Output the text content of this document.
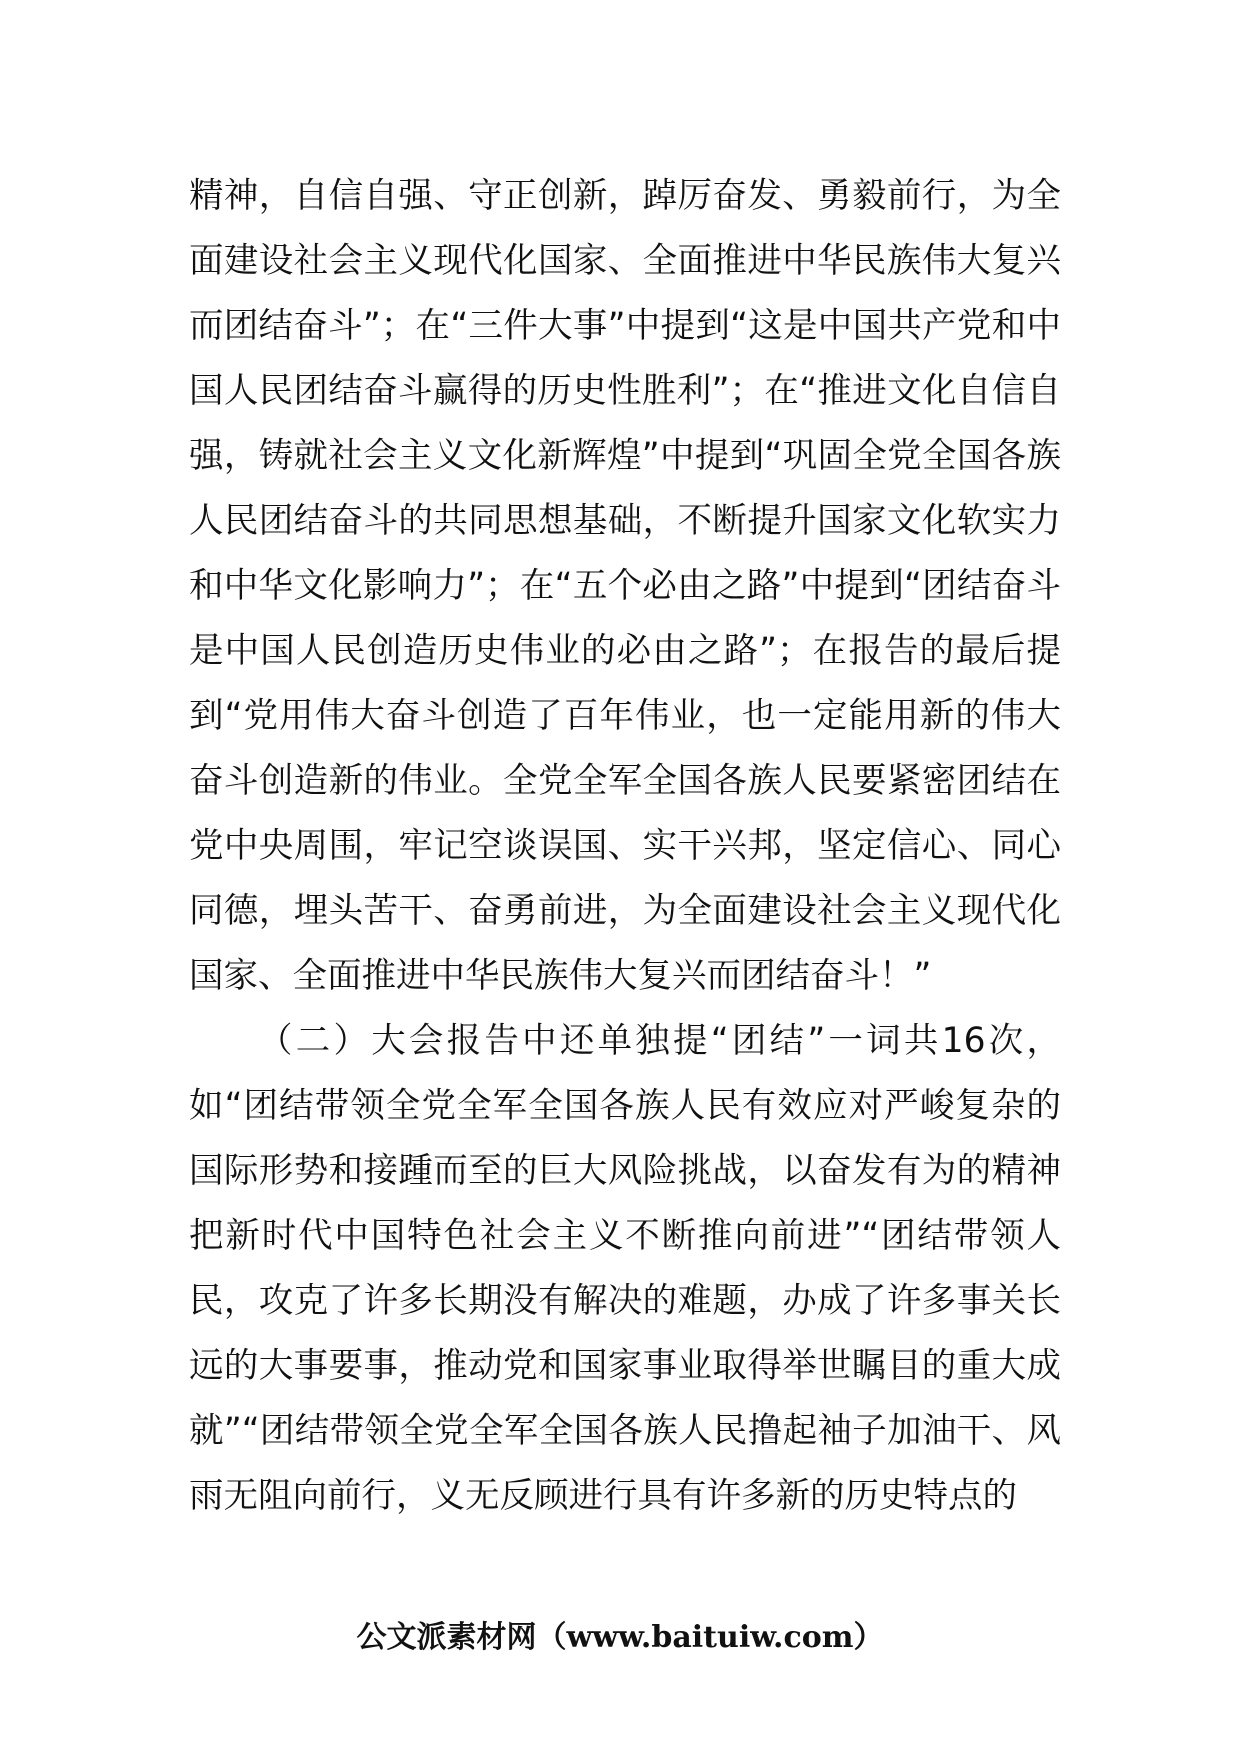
精神，自信自强、守正创新，踔厉奋发、勇毅前行，为全面建设社会主义现代化国家、全面推进中华民族伟大复兴而团结奋斗”；在“三件大事”中提到“这是中国共产党和中国人民团结奋斗赢得的历史性胜利”；在“推进文化自信自强，铸就社会主义文化新辉煌”中提到“巩固全党全国各族人民团结奋斗的共同思想基础，不断提升国家文化软实力和中华文化影响力”；在“五个必由之路”中提到“团结奋斗是中国人民创造历史伟业的必由之路”；在报告的最后提到“党用伟大奋斗创造了百年伟业，也一定能用新的伟大奋斗创造新的伟业。全党全军全国各族人民要紧密团结在党中央周围，牢记空谈误国、实干兴邦，坚定信心、同心同德，埋头苦干、奋勇前进，为全面建设社会主义现代化国家、全面推进中华民族伟大复兴而团结奋斗！”

（二）大会报告中还单独提“团结”一词共16次，如“团结带领全党全军全国各族人民有效应对严峻复杂的国际形势和接踵而至的巨大风险挑战，以奋发有为的精神把新时代中国特色社会主义不断推向前进”“团结带领人民，攻克了许多长期没有解决的难题，办成了许多事关长远的大事要事，推动党和国家事业取得举世瞩目的重大成就”“团结带领全党全军全国各族人民撸起袖子加油干、风雨无阻向前行，义无反顾进行具有许多新的历史特点的

公文派素材网（www.baituiw.com）
